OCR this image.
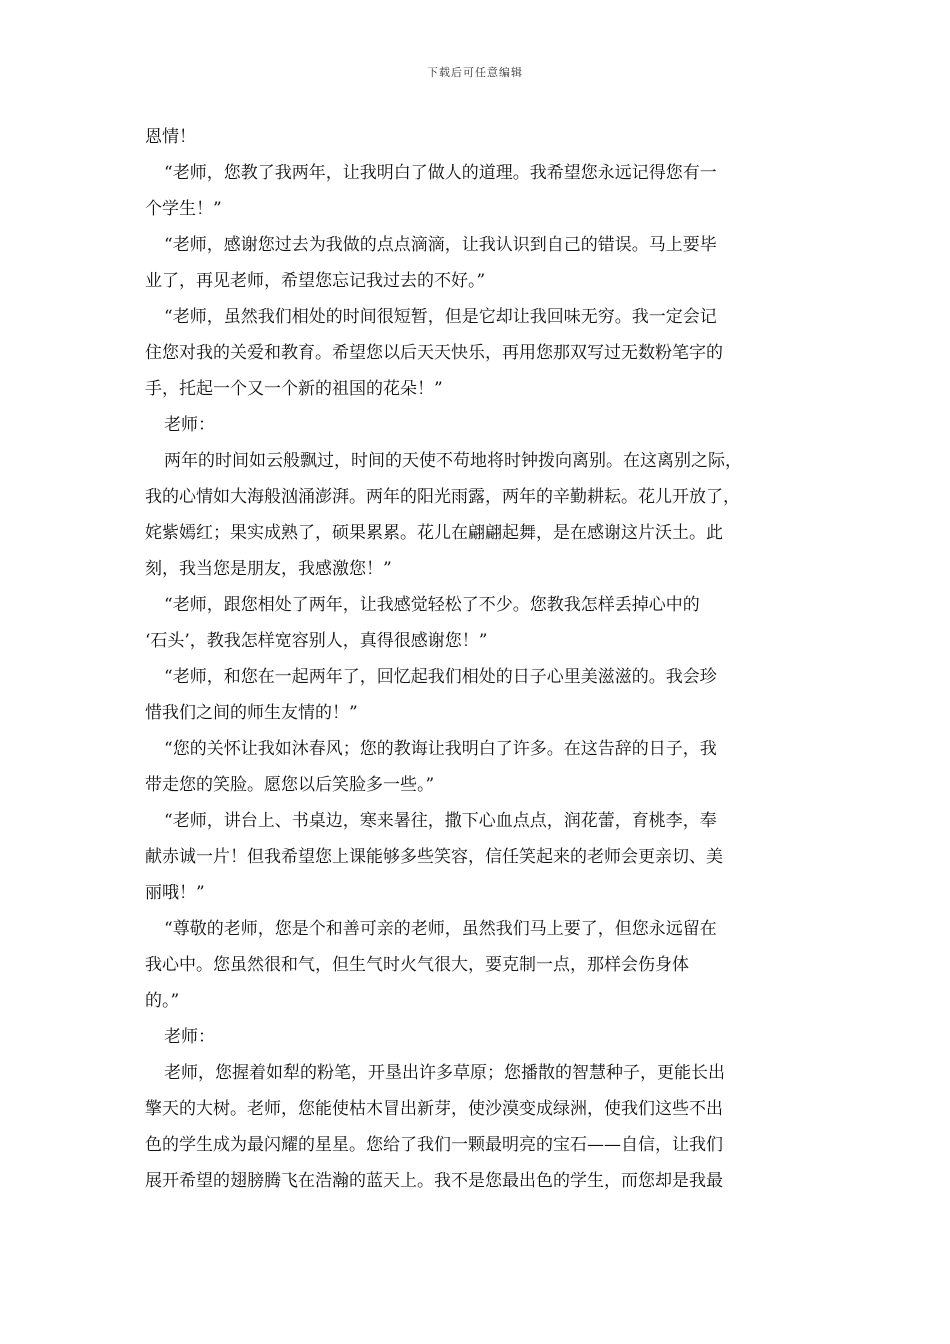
下载后可任意编辑

恩情！

“老师，您教了我两年，让我明白了做人的道理。我希望您永远记得您有一

个学生！”

“老师，感谢您过去为我做的点点滴滴，让我认识到自己的错误。马上要毕

业了，再见老师，希望您忘记我过去的不好。”

“老师，虽然我们相处的时间很短暂，但是它却让我回味无穷。我一定会记

住您对我的关爱和教育。希望您以后天天快乐，再用您那双写过无数粉笔字的

手，托起一个又一个新的祖国的花朵！”

老师：

两年的时间如云般飘过，时间的天使不苟地将时钟拨向离别。在这离别之际，

我的心情如大海般汹涌澎湃。两年的阳光雨露，两年的辛勤耕耘。花儿开放了，

姹紫嫣红；果实成熟了，硕果累累。花儿在翩翩起舞，是在感谢这片沃土。此

刻，我当您是朋友，我感激您！”

“老师，跟您相处了两年，让我感觉轻松了不少。您教我怎样丢掉心中的

‘石头’，教我怎样宽容别人，真得很感谢您！”

“老师，和您在一起两年了，回忆起我们相处的日子心里美滋滋的。我会珍

惜我们之间的师生友情的！”

“您的关怀让我如沐春风；您的教诲让我明白了许多。在这告辞的日子，我

带走您的笑脸。愿您以后笑脸多一些。”

“老师，讲台上、书桌边，寒来暑往，撒下心血点点，润花蕾，育桃李，奉

献赤诚一片！但我希望您上课能够多些笑容，信任笑起来的老师会更亲切、美

丽哦！”

“尊敬的老师，您是个和善可亲的老师，虽然我们马上要了，但您永远留在

我心中。您虽然很和气，但生气时火气很大，要克制一点，那样会伤身体

的。”

老师：

老师，您握着如犁的粉笔，开垦出许多草原；您播散的智慧种子，更能长出

擎天的大树。老师，您能使枯木冒出新芽，使沙漠变成绿洲，使我们这些不出

色的学生成为最闪耀的星星。您给了我们一颗最明亮的宝石——自信，让我们

展开希望的翅膀腾飞在浩瀚的蓝天上。我不是您最出色的学生，而您却是我最
